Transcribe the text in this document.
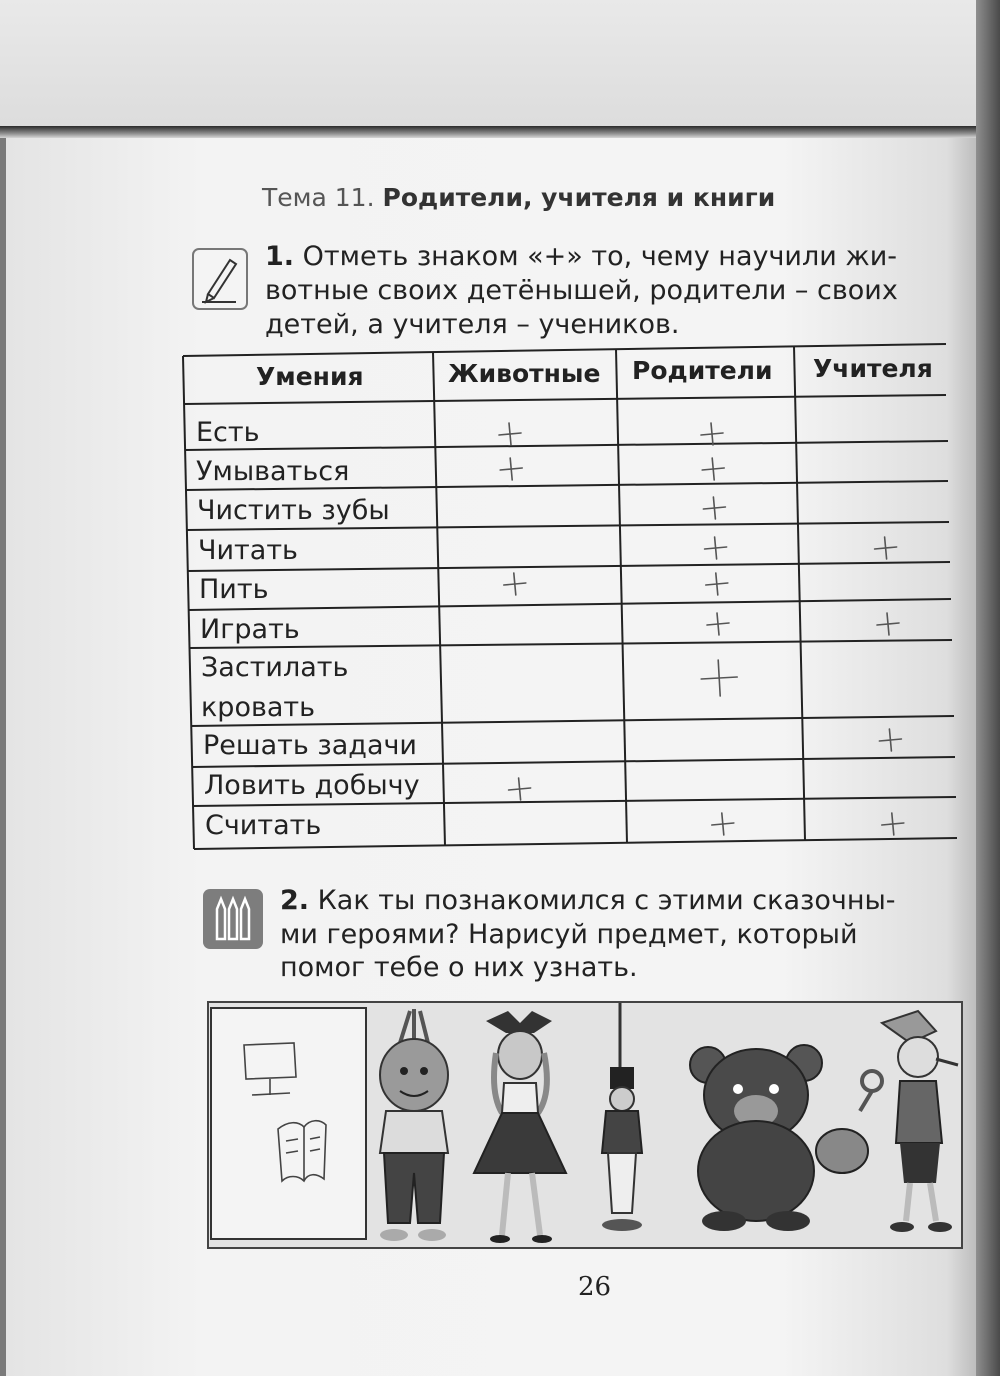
Тема 11. Родители, учителя и книги
1. Отметь знаком «+» то, чему научили жи-
вотные своих детёнышей, родители – своих
детей, а учителя – учеников.
Умения	Животные Родители Учителя
Есть
Умываться
Чистить зубы
Читать
Пить
Играть
Застилать
кровать
Решать задачи
Ловить добычу
Считать
2. Как ты познакомился с этими сказочны-
ми героями? Нарисуй предмет, который
помог тебе о них узнать.
26
